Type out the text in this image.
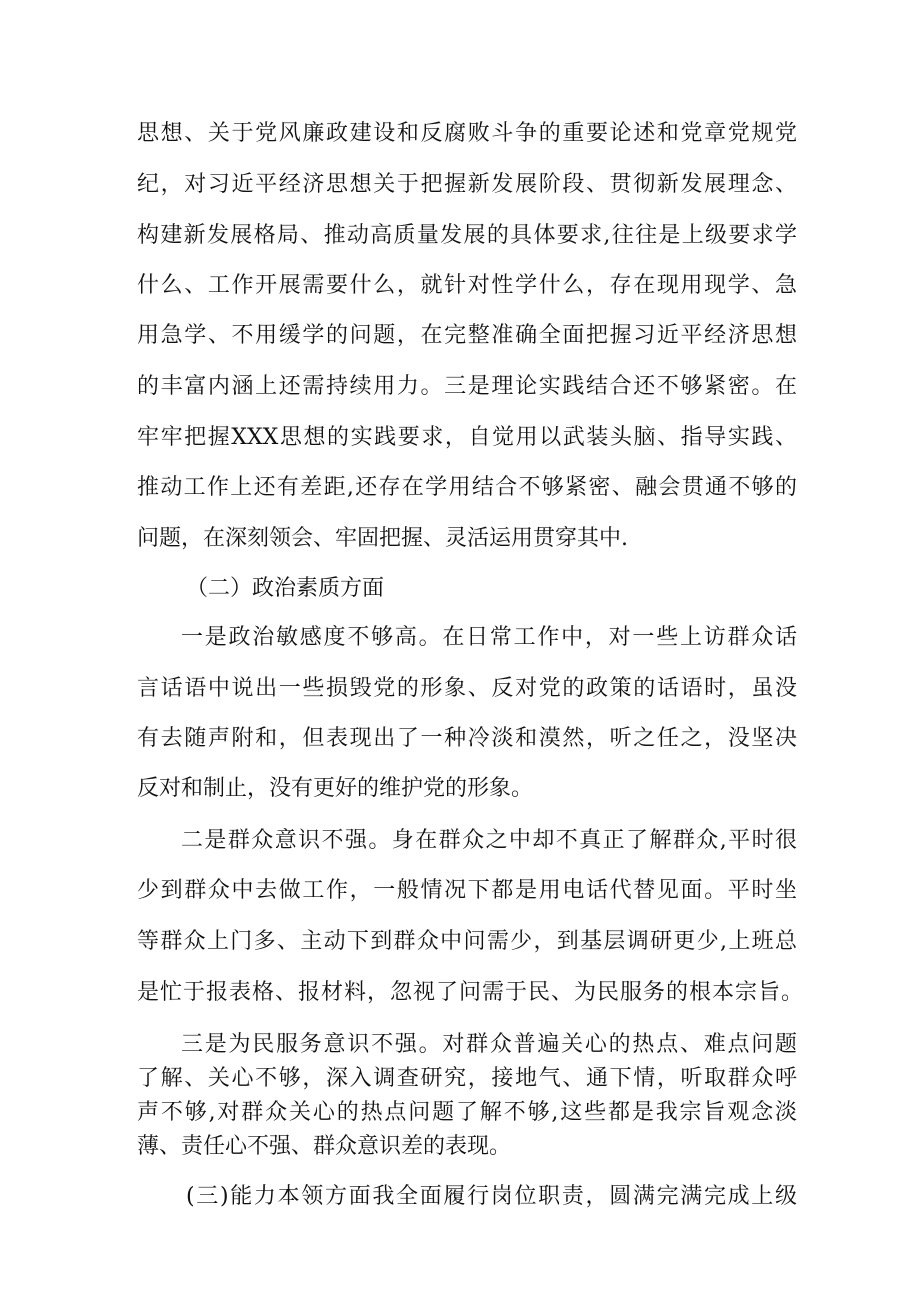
思想、关于党风廉政建设和反腐败斗争的重要论述和党章党规党
纪，对习近平经济思想关于把握新发展阶段、贯彻新发展理念、
构建新发展格局、推动高质量发展的具体要求,往往是上级要求学
什么、工作开展需要什么，就针对性学什么，存在现用现学、急
用急学、不用缓学的问题，在完整准确全面把握习近平经济思想
的丰富内涵上还需持续用力。三是理论实践结合还不够紧密。在
牢牢把握XXX思想的实践要求，自觉用以武装头脑、指导实践、
推动工作上还有差距,还存在学用结合不够紧密、融会贯通不够的
问题，在深刻领会、牢固把握、灵活运用贯穿其中.
（二）政治素质方面
一是政治敏感度不够高。在日常工作中，对一些上访群众话
言话语中说出一些损毁党的形象、反对党的政策的话语时，虽没
有去随声附和，但表现出了一种冷淡和漠然，听之任之，没坚决
反对和制止，没有更好的维护党的形象。
二是群众意识不强。身在群众之中却不真正了解群众,平时很
少到群众中去做工作，一般情况下都是用电话代替见面。平时坐
等群众上门多、主动下到群众中问需少，到基层调研更少,上班总
是忙于报表格、报材料，忽视了问需于民、为民服务的根本宗旨。
三是为民服务意识不强。对群众普遍关心的热点、难点问题
了解、关心不够，深入调查研究，接地气、通下情，听取群众呼
声不够,对群众关心的热点问题了解不够,这些都是我宗旨观念淡
薄、责任心不强、群众意识差的表现。
(三)能力本领方面我全面履行岗位职责，圆满完满完成上级
